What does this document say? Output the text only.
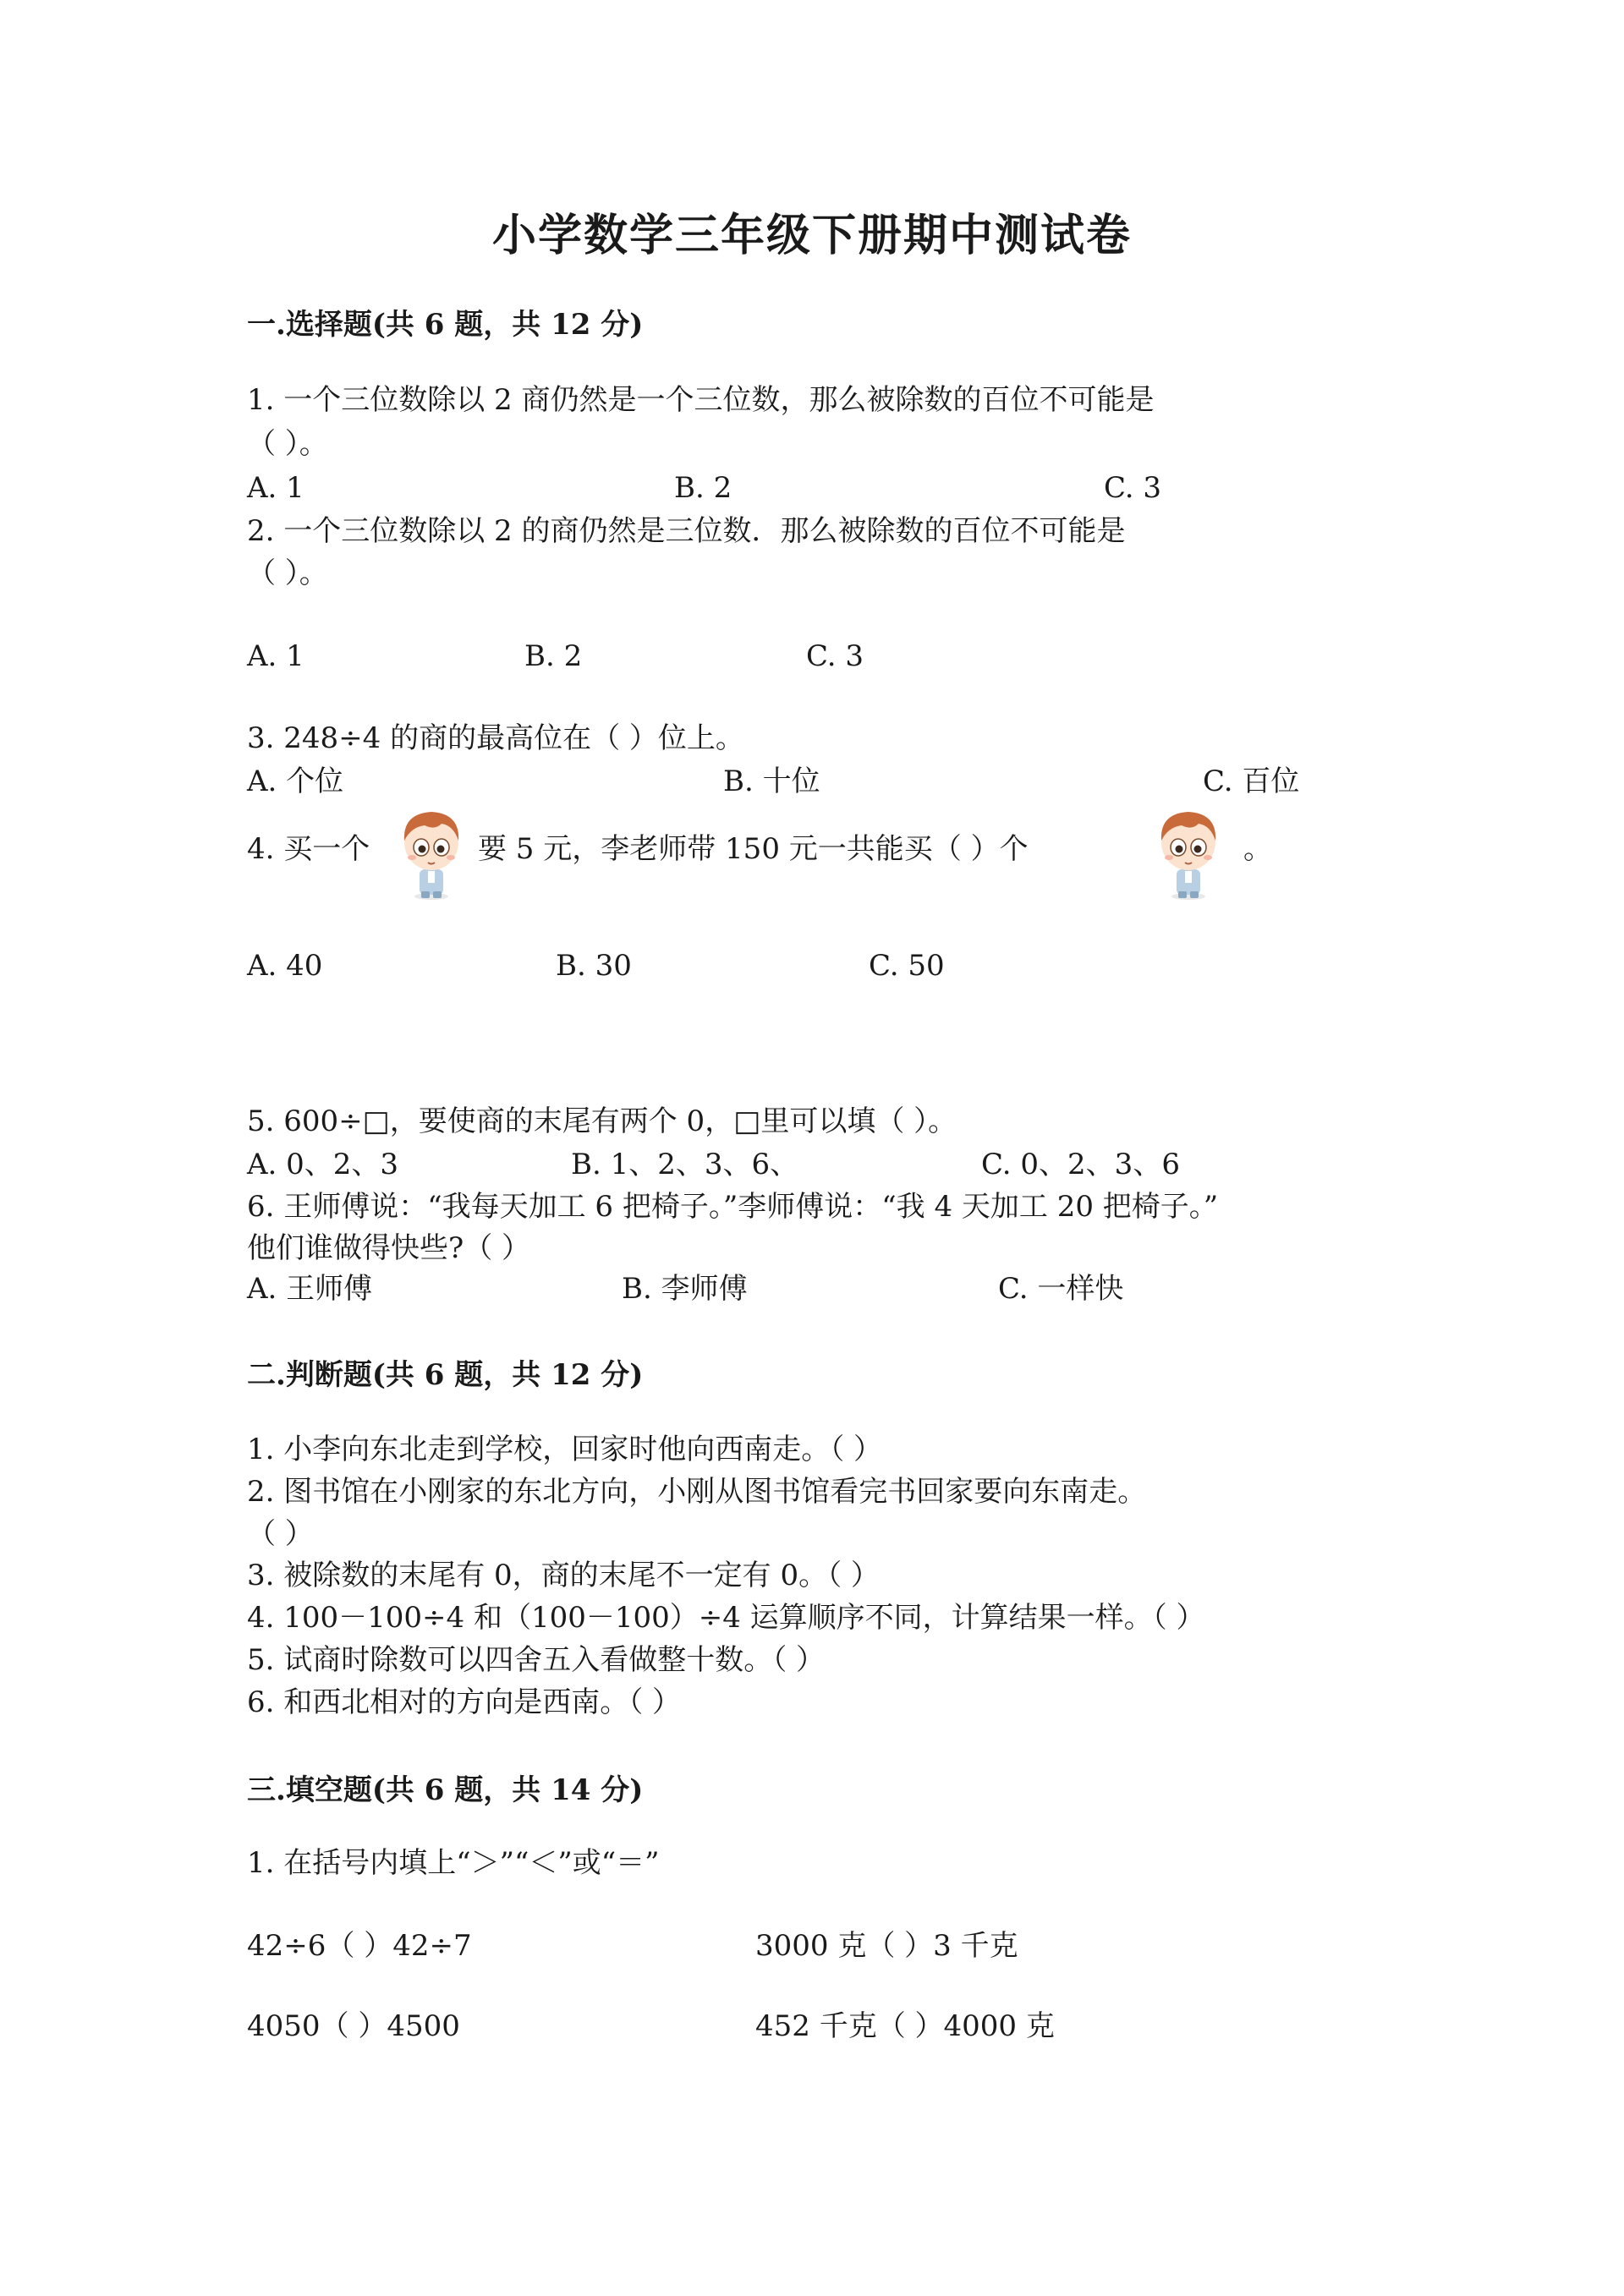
小学数学三年级下册期中测试卷
一.选择题(共 6 题，共 12 分)
1. 一个三位数除以 2 商仍然是一个三位数，那么被除数的百位不可能是
（ ）。
A. 1	B. 2	C. 3
2. 一个三位数除以 2 的商仍然是三位数．那么被除数的百位不可能是
（ ）。
A. 1	B. 2	C. 3
3. 248÷4 的商的最高位在（ ）位上。
A. 个位	B. 十位	C. 百位
4. 买一个	要 5 元，李老师带 150 元一共能买（ ）个	。
A. 40	B. 30	C. 50
5. 600÷□，要使商的末尾有两个 0，□里可以填（ ）。
A. 0、2、3	B. 1、2、3、6、	C. 0、2、3、6
6. 王师傅说：“我每天加工 6 把椅子。”李师傅说：“我 4 天加工 20 把椅子。”
他们谁做得快些?（ ）
A. 王师傅	B. 李师傅	C. 一样快
二.判断题(共 6 题，共 12 分)
1. 小李向东北走到学校，回家时他向西南走。（ ）
2. 图书馆在小刚家的东北方向，小刚从图书馆看完书回家要向东南走。
（ ）
3. 被除数的末尾有 0，商的末尾不一定有 0。（ ）
4. 100－100÷4 和（100－100）÷4 运算顺序不同，计算结果一样。（ ）
5. 试商时除数可以四舍五入看做整十数。（ ）
6. 和西北相对的方向是西南。（ ）
三.填空题(共 6 题，共 14 分)
1. 在括号内填上“＞”“＜”或“＝”
42÷6（ ）42÷7	3000 克（ ）3 千克
4050（ ）4500	452 千克（ ）4000 克
